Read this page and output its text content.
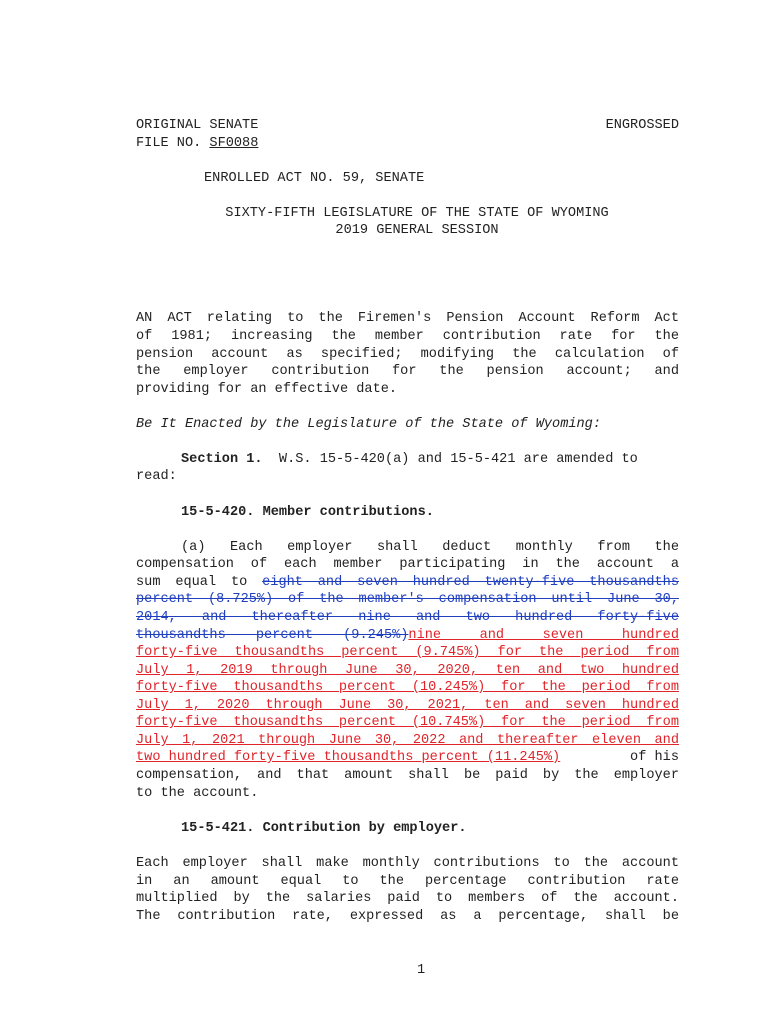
ORIGINAL SENATE
FILE NO. SF0088
ENGROSSED
ENROLLED ACT NO. 59, SENATE
SIXTY-FIFTH LEGISLATURE OF THE STATE OF WYOMING
2019 GENERAL SESSION
AN ACT relating to the Firemen's Pension Account Reform Act
of 1981; increasing the member contribution rate for the
pension account as specified; modifying the calculation of
the employer contribution for the pension account; and
providing for an effective date.
Be It Enacted by the Legislature of the State of Wyoming:
Section 1. W.S. 15-5-420(a) and 15-5-421 are amended to
read:
15-5-420. Member contributions.
(a) Each employer shall deduct monthly from the
compensation of each member participating in the account a
sum equal to eight and seven hundred twenty-five thousandths
percent (8.725%) of the member's compensation until June 30,
2014, and thereafter nine and two hundred forty-five
thousandths percent (9.245%) nine and seven hundred
forty-five thousandths percent (9.745%) for the period from
July 1, 2019 through June 30, 2020, ten and two hundred
forty-five thousandths percent (10.245%) for the period from
July 1, 2020 through June 30, 2021, ten and seven hundred
forty-five thousandths percent (10.745%) for the period from
July 1, 2021 through June 30, 2022 and thereafter eleven and
two hundred forty-five thousandths percent (11.245%)	of his
compensation, and that amount shall be paid by the employer
to the account.
15-5-421. Contribution by employer.
Each employer shall make monthly contributions to the account
in an amount equal to the percentage contribution rate
multiplied by the salaries paid to members of the account.
The contribution rate, expressed as a percentage, shall be
1
